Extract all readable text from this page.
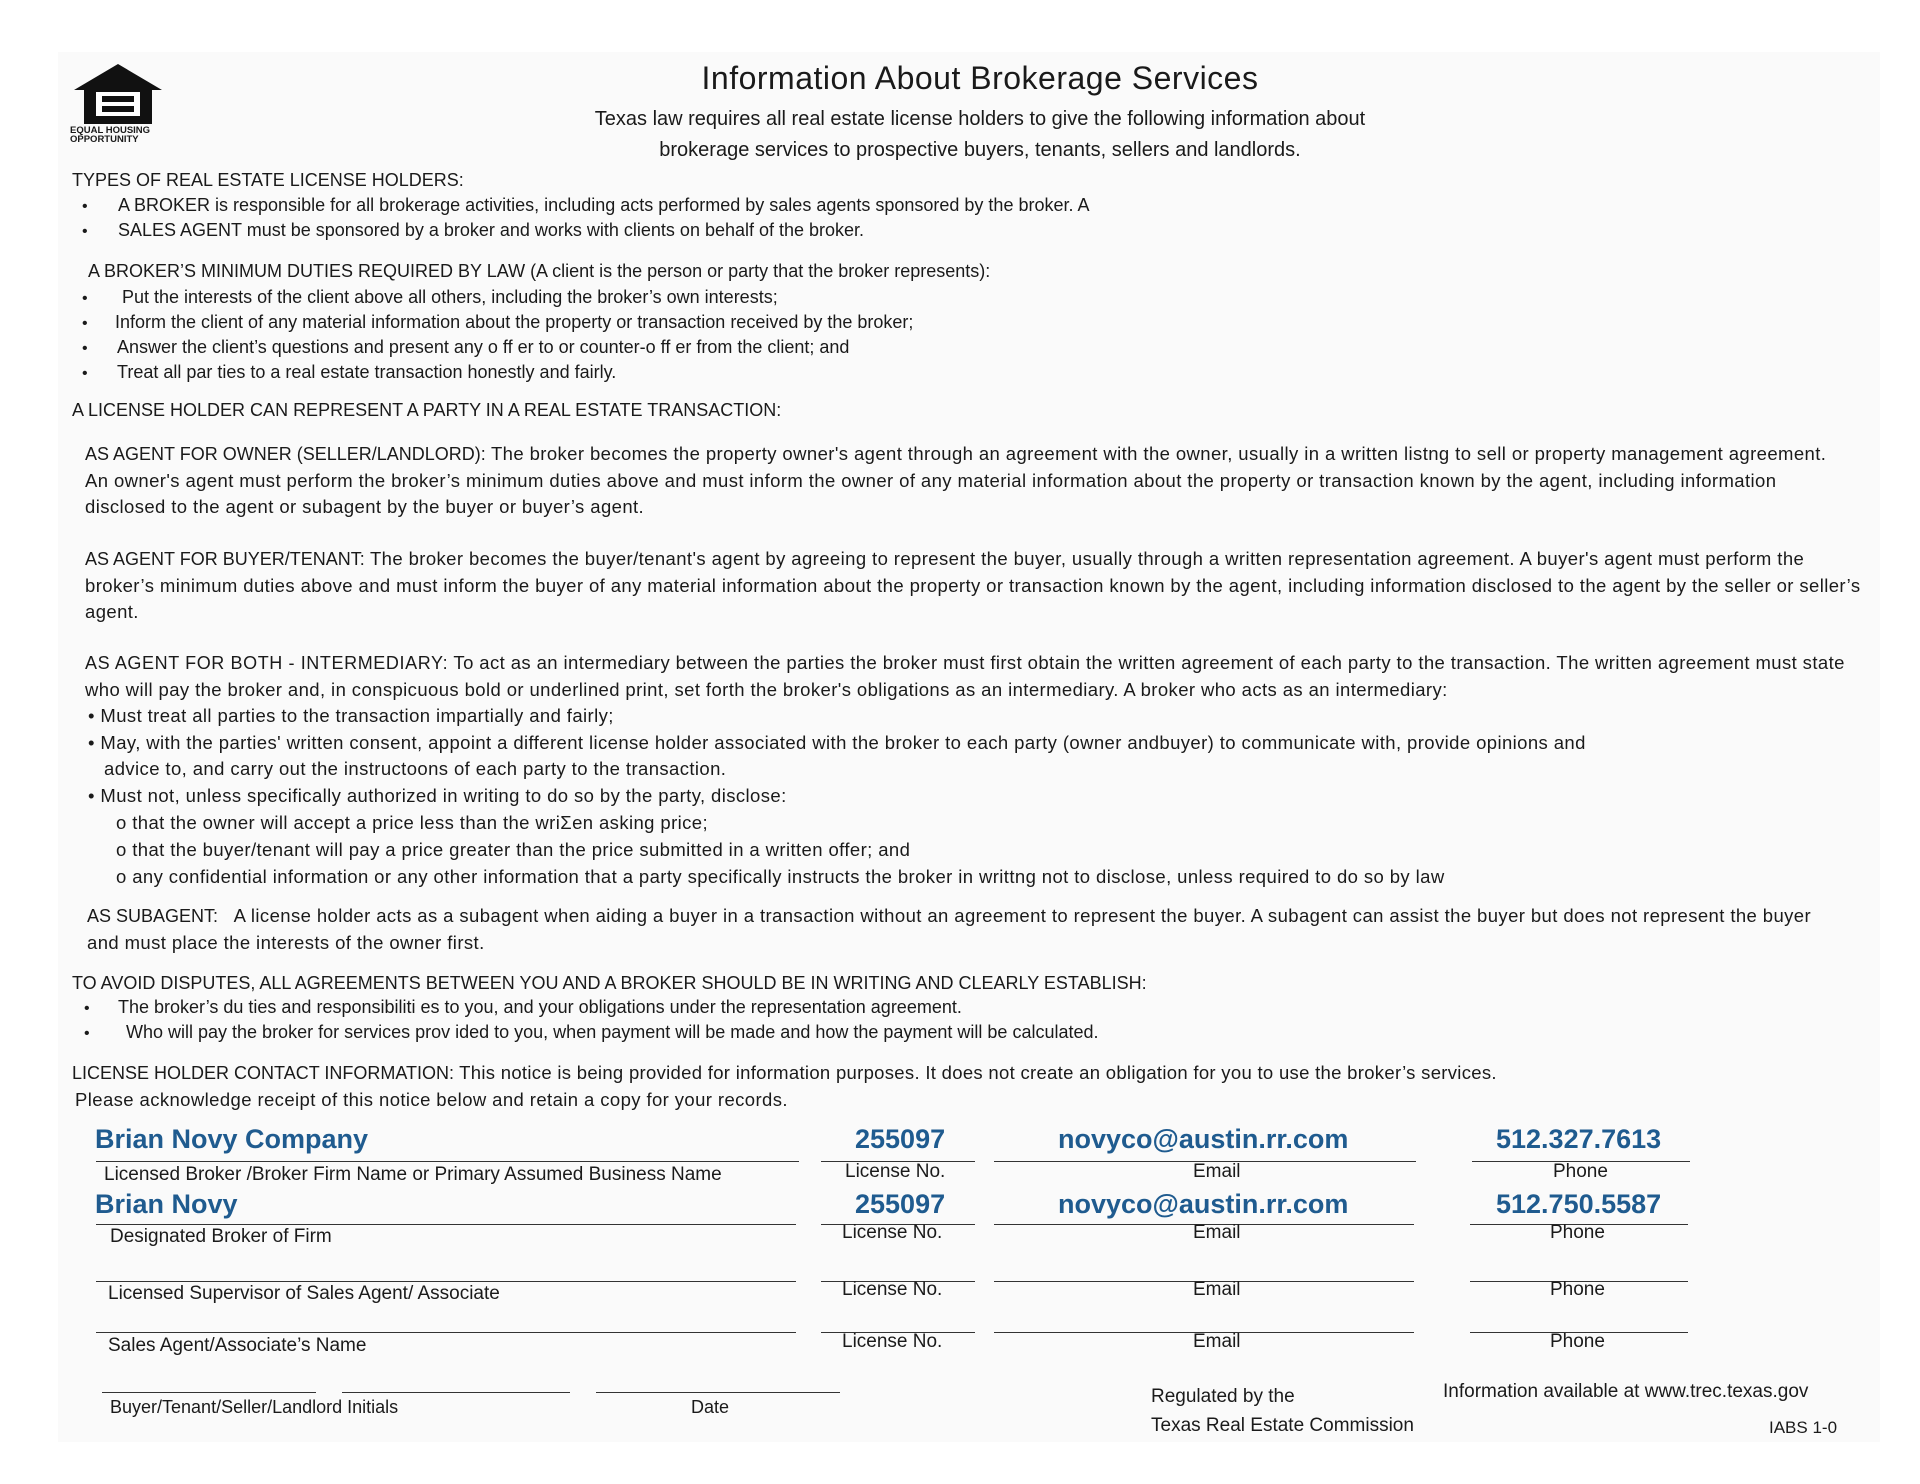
EQUAL HOUSING OPPORTUNITY
Information About Brokerage Services
Texas law requires all real estate license holders to give the following information about
brokerage services to prospective buyers, tenants, sellers and landlords.
TYPES OF REAL ESTATE LICENSE HOLDERS:
• A BROKER is responsible for all brokerage activities, including acts performed by sales agents sponsored by the broker. A
• SALES AGENT must be sponsored by a broker and works with clients on behalf of the broker.
A BROKER’S MINIMUM DUTIES REQUIRED BY LAW (A client is the person or party that the broker represents):
• Put the interests of the client above all others, including the broker’s own interests;
• Inform the client of any material information about the property or transaction received by the broker;
• Answer the client’s questions and present any o ff er to or counter-o ff er from the client; and
• Treat all par ties to a real estate transaction honestly and fairly.
A LICENSE HOLDER CAN REPRESENT A PARTY IN A REAL ESTATE TRANSACTION:
AS AGENT FOR OWNER (SELLER/LANDLORD): The broker becomes the property owner's agent through an agreement with the owner, usually in a written listng to sell or property management agreement. An owner's agent must perform the broker’s minimum duties above and must inform the owner of any material information about the property or transaction known by the agent, including information disclosed to the agent or subagent by the buyer or buyer’s agent.
AS AGENT FOR BUYER/TENANT: The broker becomes the buyer/tenant's agent by agreeing to represent the buyer, usually through a written representation agreement. A buyer's agent must perform the broker’s minimum duties above and must inform the buyer of any material information about the property or transaction known by the agent, including information disclosed to the agent by the seller or seller’s agent.
AS AGENT FOR BOTH - INTERMEDIARY: To act as an intermediary between the parties the broker must first obtain the written agreement of each party to the transaction. The written agreement must state who will pay the broker and, in conspicuous bold or underlined print, set forth the broker's obligations as an intermediary. A broker who acts as an intermediary:
• Must treat all parties to the transaction impartially and fairly;
• May, with the parties' written consent, appoint a different license holder associated with the broker to each party (owner andbuyer) to communicate with, provide opinions and
advice to, and carry out the instructoons of each party to the transaction.
• Must not, unless specifically authorized in writing to do so by the party, disclose:
o that the owner will accept a price less than the wriΣen asking price;
o that the buyer/tenant will pay a price greater than the price submitted in a written offer; and
o any confidential information or any other information that a party specifically instructs the broker in writtng not to disclose, unless required to do so by law
AS SUBAGENT: A license holder acts as a subagent when aiding a buyer in a transaction without an agreement to represent the buyer. A subagent can assist the buyer but does not represent the buyer and must place the interests of the owner first.
TO AVOID DISPUTES, ALL AGREEMENTS BETWEEN YOU AND A BROKER SHOULD BE IN WRITING AND CLEARLY ESTABLISH:
• The broker’s du ties and responsibiliti es to you, and your obligations under the representation agreement.
• Who will pay the broker for services prov ided to you, when payment will be made and how the payment will be calculated.
LICENSE HOLDER CONTACT INFORMATION: This notice is being provided for information purposes. It does not create an obligation for you to use the broker’s services.
Please acknowledge receipt of this notice below and retain a copy for your records.
Brian Novy Company	255097	novyco@austin.rr.com	512.327.7613
Licensed Broker /Broker Firm Name or Primary Assumed Business Name	License No.	Email	Phone
Brian Novy	255097	novyco@austin.rr.com	512.750.5587
Designated Broker of Firm	License No.	Email	Phone
Licensed Supervisor of Sales Agent/ Associate	License No.	Email	Phone
Sales Agent/Associate’s Name	License No.	Email	Phone
Buyer/Tenant/Seller/Landlord Initials	Date	Regulated by the
Texas Real Estate Commission
Information available at www.trec.texas.gov
IABS 1-0
